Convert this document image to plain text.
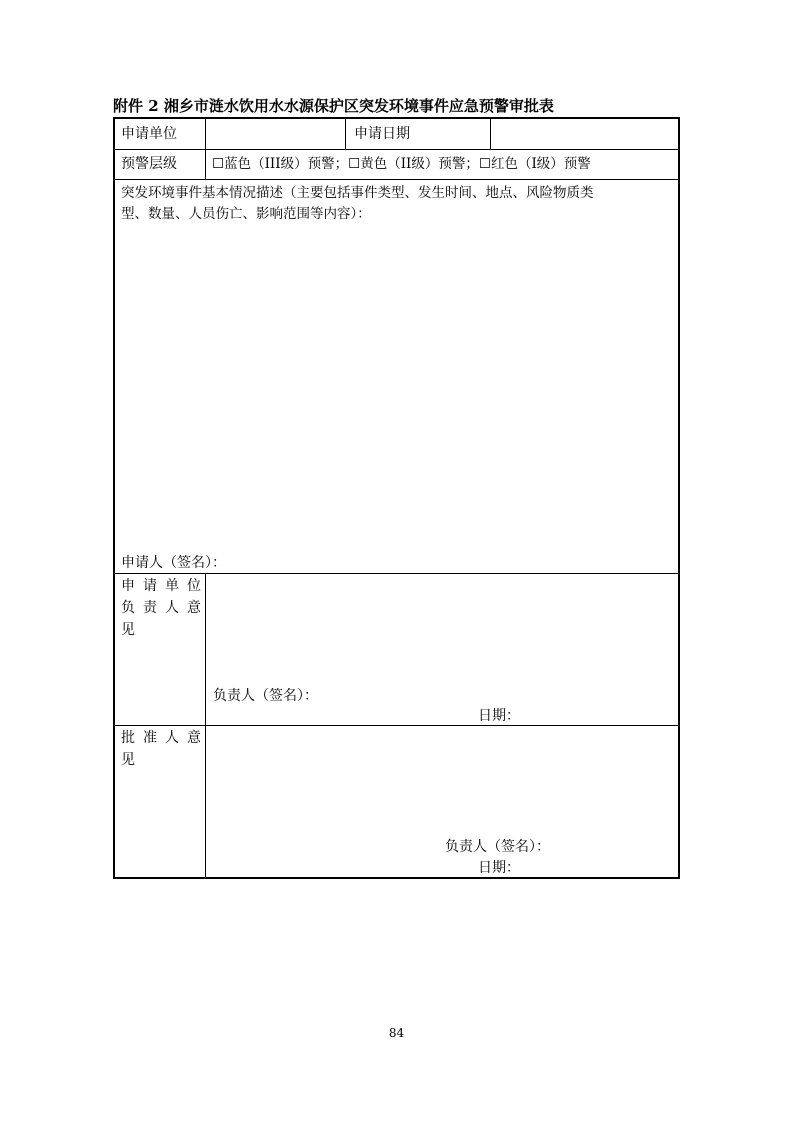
附件 2 湘乡市涟水饮用水水源保护区突发环境事件应急预警审批表
申请单位	申请日期
预警层级	☐蓝色（III级）预警；☐黄色（II级）预警；☐红色（I级）预警
突发环境事件基本情况描述（主要包括事件类型、发生时间、地点、风险物质类
型、数量、人员伤亡、影响范围等内容）：
申请人（签名）：
申请单位
负责人意
见
负责人（签名）：
日期：
批准人意
见
负责人（签名）：
日期：
84
